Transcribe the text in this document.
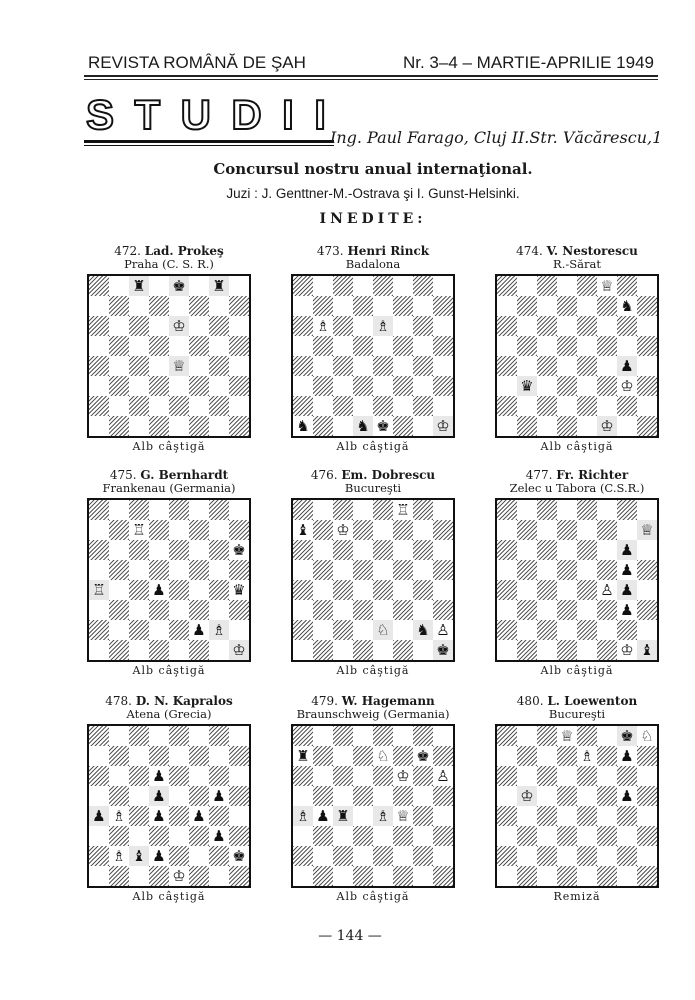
REVISTA ROMÂNĂ DE ŞAH	Nr. 3–4 – MARTIE-APRILIE 1949
S T U D I I Ing. Paul Farago, Cluj II.Str. Văcărescu,1
Concursul nostru anual internaţional.
Juzi : J. Genttner-M.-Ostrava şi I. Gunst-Helsinki.
INEDITE:
472. Lad. Prokeş
Praha (C. S. R.)
♜ ♚ ♜
♔
♕
Alb câştigă
473. Henri Rinck
Badalona
♗	♗
♞	♞ ♚	♔
Alb câştigă
474. V. Nestorescu
R.-Sărat
♕
♞
♟
♛	♔
♔
Alb câştigă
475. G. Bernhardt
Frankenau (Germania)
♖
♚
♖	♟	♛
♟ ♗
♔
Alb câştigă
476. Em. Dobrescu
Bucureşti
♖
♝ ♔
♘ ♞ ♙
♚
Alb câştigă
477. Fr. Richter
Zelec u Tabora (C.S.R.)
♕
♟
♟
♙ ♟
♟
♔ ♝
Alb câştigă
478. D. N. Kapralos
Atena (Grecia)
♟
♟	♟
♟ ♗ ♟ ♟
♟
♗ ♝ ♟	♚
♔
Alb câştigă
479. W. Hagemann
Braunschweig (Germania)
♜	♘ ♚
♔ ♙
♗ ♟ ♜ ♗ ♕
Alb câştigă
480. L. Loewenton
Bucureşti
♕	♚ ♘
♗ ♟
♔	♟
Remiză
— 144 —
